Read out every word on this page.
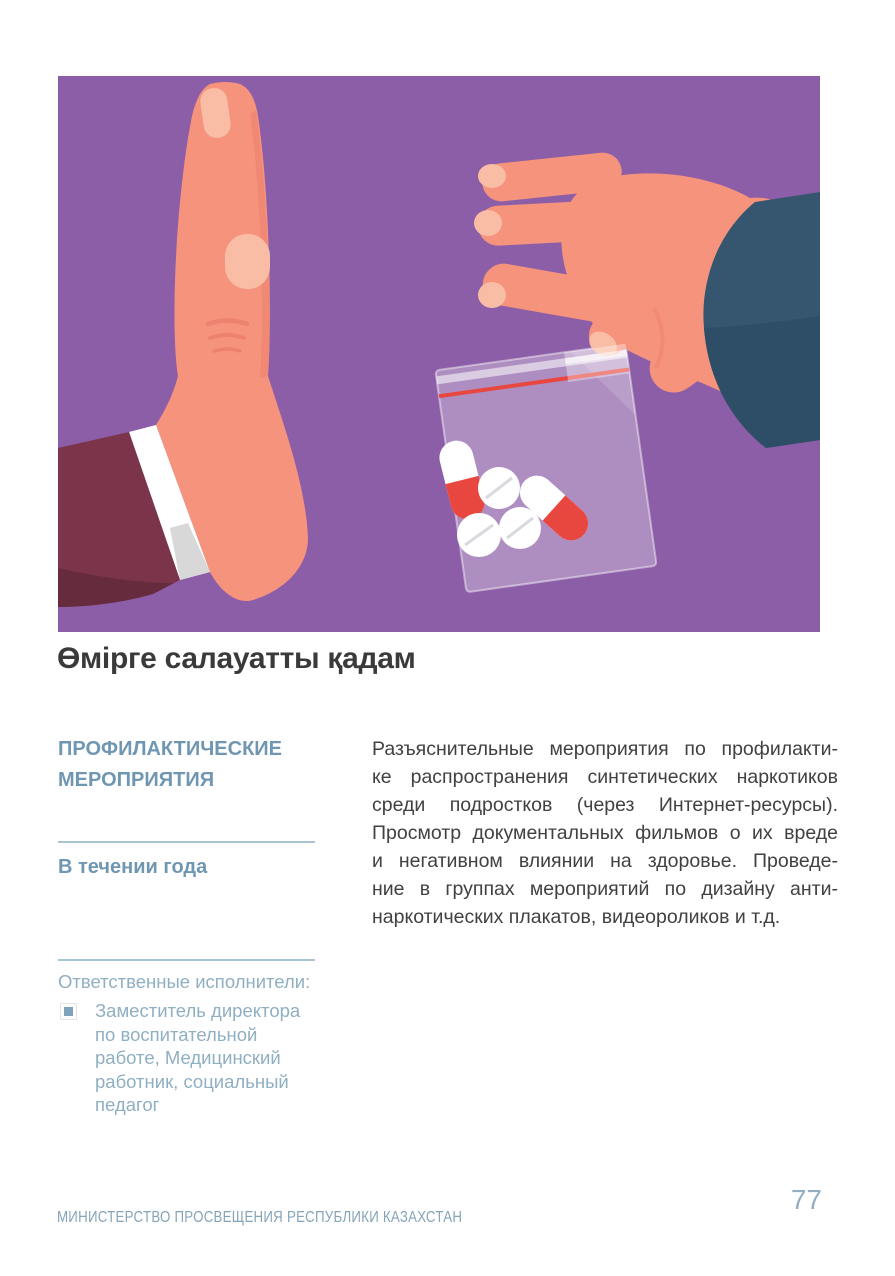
Өмірге салауатты қадам
ПРОФИЛАКТИЧЕСКИЕ МЕРОПРИЯТИЯ
В течении года
Ответственные исполнители:
Заместитель директора
по воспитательной
работе, Медицинский
работник, социальный
педагог
Разъяснительные мероприятия по профилакти-
ке распространения синтетических наркотиков
среди подростков (через Интернет-ресурсы).
Просмотр документальных фильмов о их вреде
и негативном влиянии на здоровье. Проведе-
ние в группах мероприятий по дизайну анти-
наркотических плакатов, видеороликов и т.д.
МИНИСТЕРСТВО ПРОСВЕЩЕНИЯ РЕСПУБЛИКИ КАЗАХСТАН
77
